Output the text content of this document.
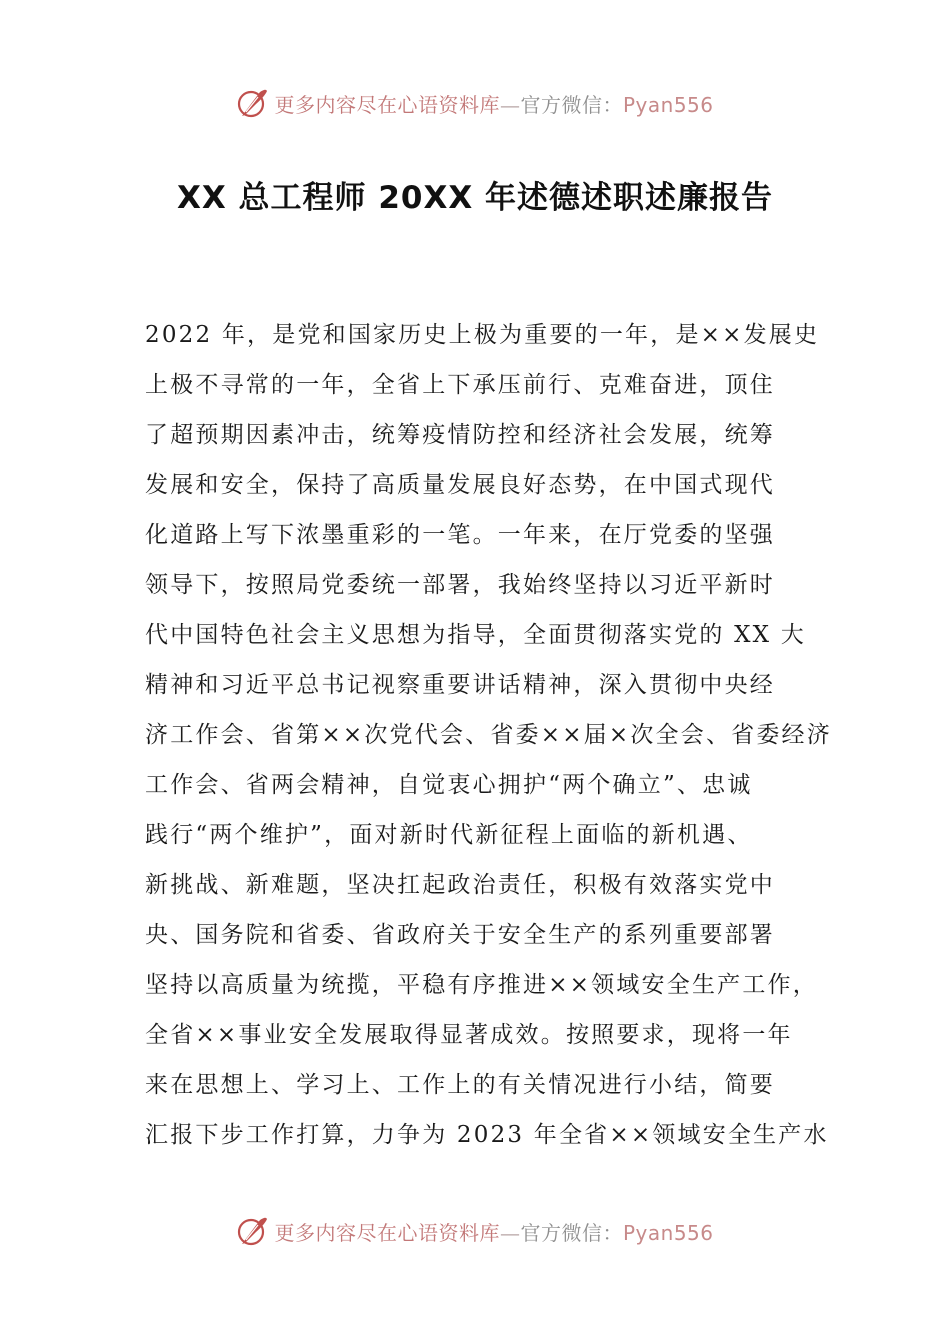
更多内容尽在心语资料库—官方微信：Pyan556
XX 总工程师 20XX 年述德述职述廉报告
2022 年，是党和国家历史上极为重要的一年，是××发展史
上极不寻常的一年，全省上下承压前行、克难奋进，顶住
了超预期因素冲击，统筹疫情防控和经济社会发展，统筹
发展和安全，保持了高质量发展良好态势，在中国式现代
化道路上写下浓墨重彩的一笔。一年来，在厅党委的坚强
领导下，按照局党委统一部署，我始终坚持以习近平新时
代中国特色社会主义思想为指导，全面贯彻落实党的 XX 大
精神和习近平总书记视察重要讲话精神，深入贯彻中央经
济工作会、省第××次党代会、省委××届×次全会、省委经济
工作会、省两会精神，自觉衷心拥护“两个确立”、忠诚
践行“两个维护”，面对新时代新征程上面临的新机遇、
新挑战、新难题，坚决扛起政治责任，积极有效落实党中
央、国务院和省委、省政府关于安全生产的系列重要部署
坚持以高质量为统揽，平稳有序推进××领域安全生产工作，
全省××事业安全发展取得显著成效。按照要求，现将一年
来在思想上、学习上、工作上的有关情况进行小结，简要
汇报下步工作打算，力争为 2023 年全省××领域安全生产水
更多内容尽在心语资料库—官方微信：Pyan556
